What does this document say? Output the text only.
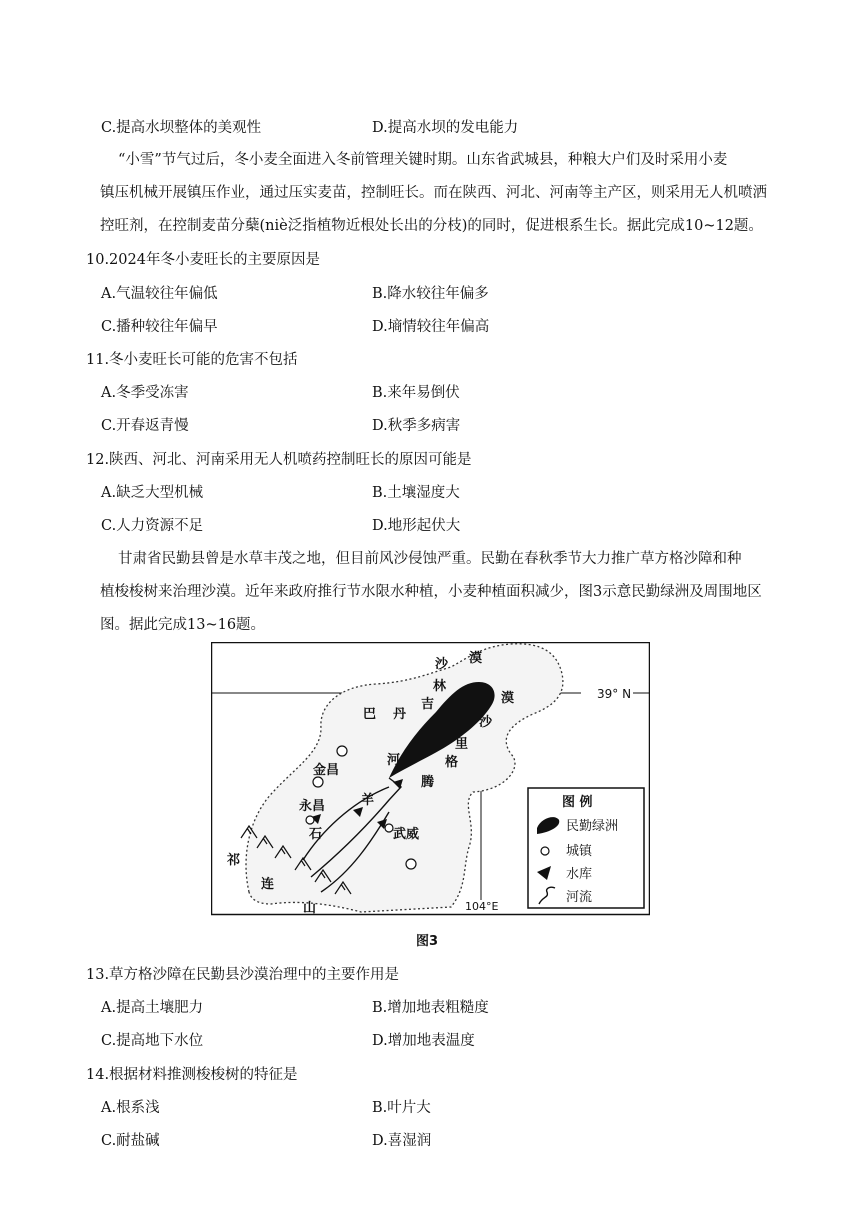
C.提高水坝整体的美观性	D.提高水坝的发电能力
“小雪”节气过后，冬小麦全面进入冬前管理关键时期。山东省武城县，种粮大户们及时采用小麦
镇压机械开展镇压作业，通过压实麦苗，控制旺长。而在陕西、河北、河南等主产区，则采用无人机喷洒
控旺剂，在控制麦苗分蘖(niè泛指植物近根处长出的分枝)的同时，促进根系生长。据此完成10~12题。
10.2024年冬小麦旺长的主要原因是
A.气温较往年偏低	B.降水较往年偏多
C.播种较往年偏早	D.墒情较往年偏高
11.冬小麦旺长可能的危害不包括
A.冬季受冻害	B.来年易倒伏
C.开春返青慢	D.秋季多病害
12.陕西、河北、河南采用无人机喷药控制旺长的原因可能是
A.缺乏大型机械	B.土壤湿度大
C.人力资源不足	D.地形起伏大
甘肃省民勤县曾是水草丰茂之地，但目前风沙侵蚀严重。民勤在春秋季节大力推广草方格沙障和种
植梭梭树来治理沙漠。近年来政府推行节水限水种植，小麦种植面积减少，图3示意民勤绿洲及周围地区
图。据此完成13~16题。
39° N
104°E
沙 漠
林
吉
巴 丹
漠
沙
里
格
腾
金昌
河
永昌	羊
石	武威
祁
连
山
图 例
民勤绿洲
城镇
水库
河流
图3
13.草方格沙障在民勤县沙漠治理中的主要作用是
A.提高土壤肥力	B.增加地表粗糙度
C.提高地下水位	D.增加地表温度
14.根据材料推测梭梭树的特征是
A.根系浅	B.叶片大
C.耐盐碱	D.喜湿润
